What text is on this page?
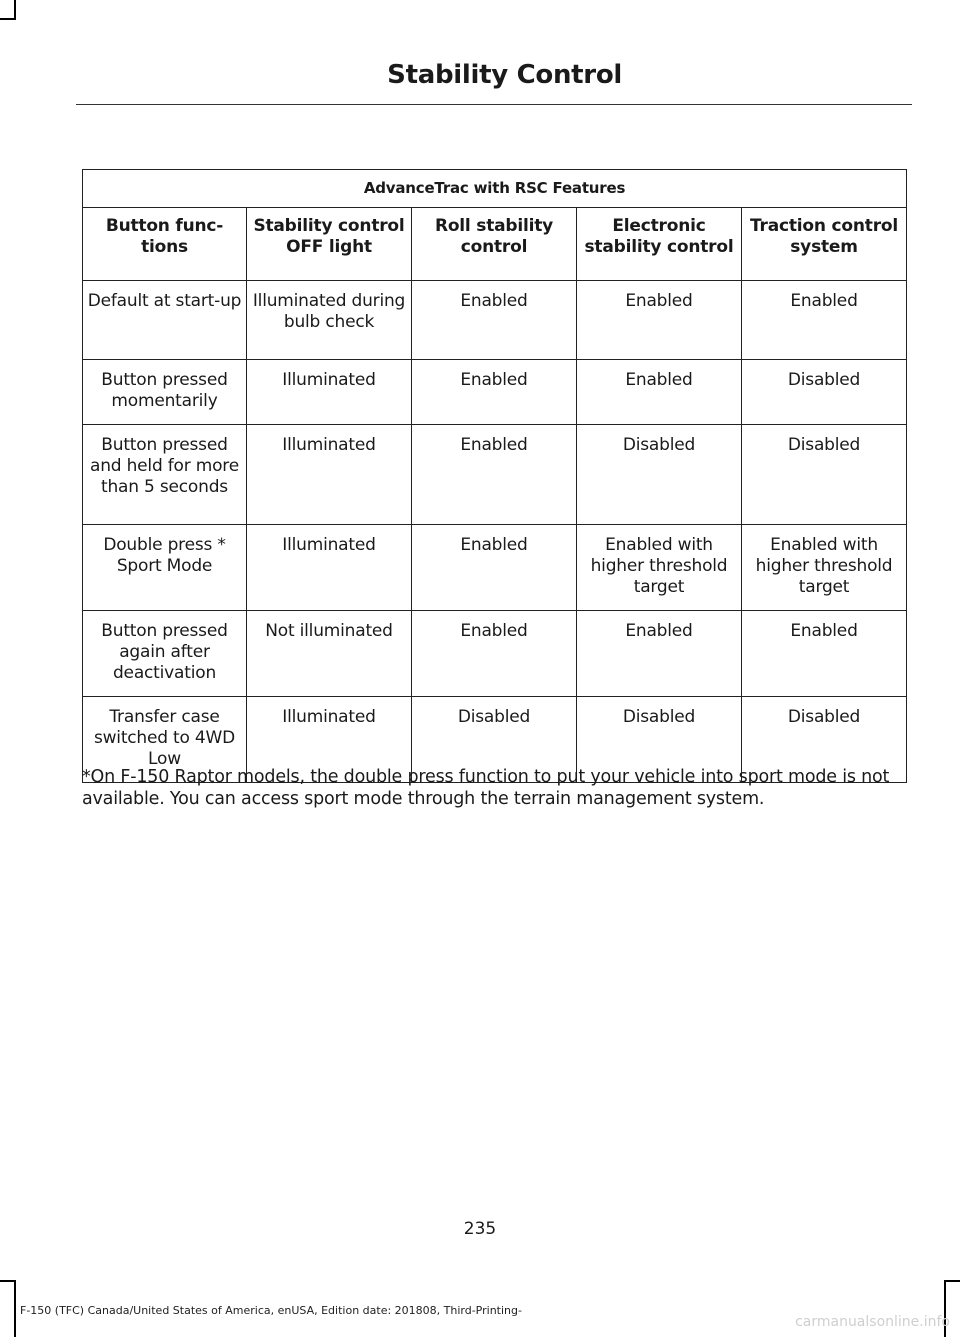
Stability Control
AdvanceTrac with RSC Features				
Button func-tions	Stability control OFF light	Roll stability control	Electronic stability control	Traction control system
Default at start-up	Illuminated during bulb check	Enabled	Enabled	Enabled
Button pressed momentarily	Illuminated	Enabled	Enabled	Disabled
Button pressed and held for more than 5 seconds	Illuminated	Enabled	Disabled	Disabled
Double press * Sport Mode	Illuminated	Enabled	Enabled with higher threshold target	Enabled with higher threshold target
Button pressed again after deactivation	Not illuminated	Enabled	Enabled	Enabled
Transfer case switched to 4WD Low	Illuminated	Disabled	Disabled	Disabled
*On F-150 Raptor models, the double press function to put your vehicle into sport mode is not available. You can access sport mode through the terrain management system.
235
F-150 (TFC) Canada/United States of America, enUSA, Edition date: 201808, Third-Printing-
carmanualsonline.info
